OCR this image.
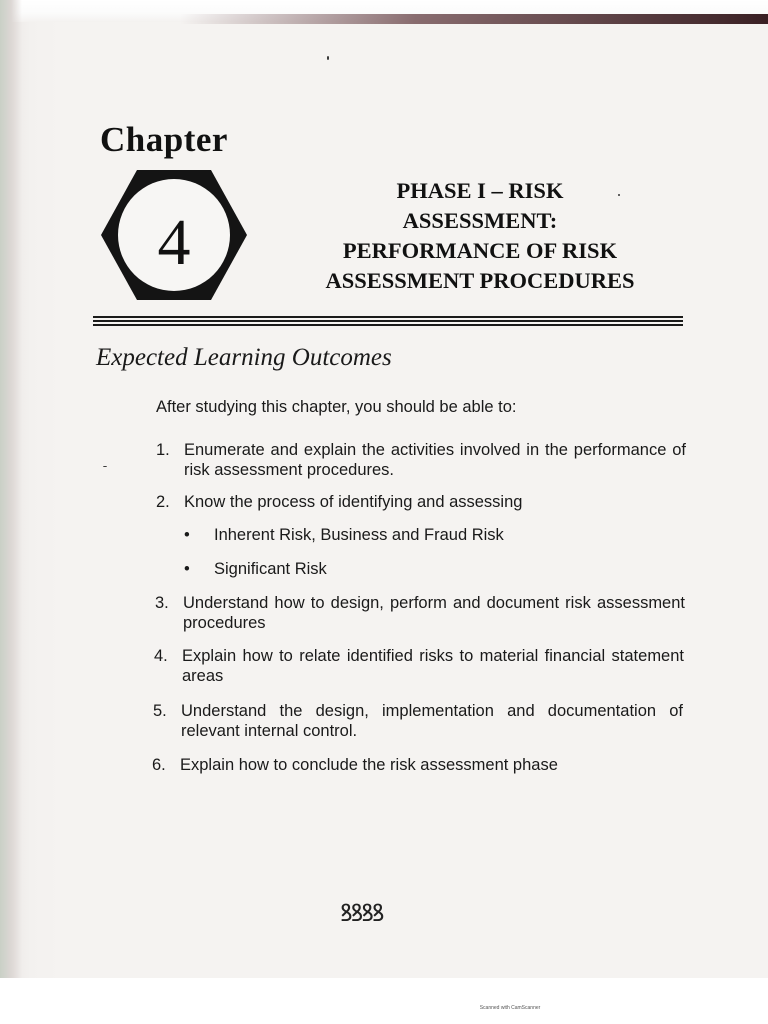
Chapter
4
PHASE I – RISK
ASSESSMENT:
PERFORMANCE OF RISK
ASSESSMENT PROCEDURES
Expected Learning Outcomes
After studying this chapter, you should be able to:
1. Enumerate and explain the activities involved in the performance of risk assessment procedures.
2. Know the process of identifying and assessing
• Inherent Risk, Business and Fraud Risk
• Significant Risk
3. Understand how to design, perform and document risk assessment procedures
4. Explain how to relate identified risks to material financial statement areas
5. Understand the design, implementation and documentation of relevant internal control.
6. Explain how to conclude the risk assessment phase
ꝸꝸꝸꝸ
Scanned with CamScanner
